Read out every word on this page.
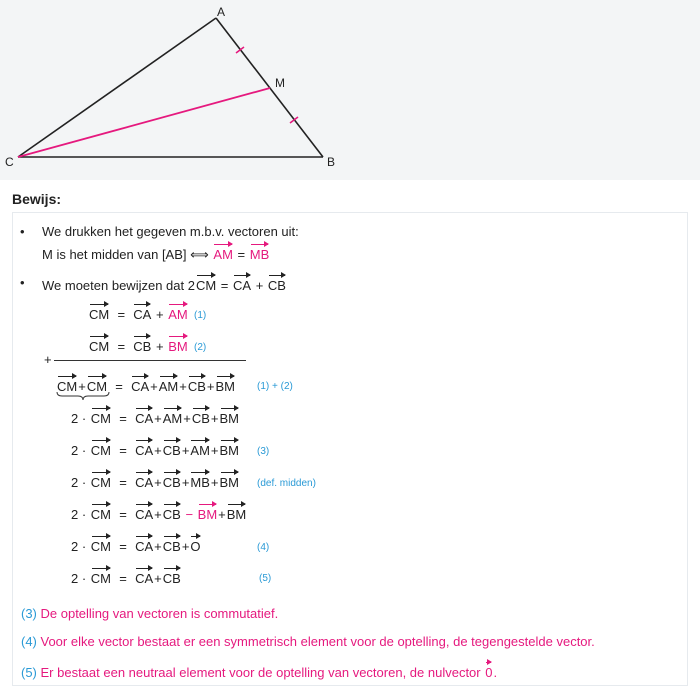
A
M
B
C
Bewijs:
• We drukken het gegeven m.b.v. vectoren uit:
M is het midden van [AB] ⟺ AM = MB
• We moeten bewijzen dat 2CM = CA + CB
CM  =  CA + AM (1)
CM  =  CB + BM (2)
+
CM+CM  =  CA+AM+CB+BM (1) + (2)
2 · CM  =  CA+AM+CB+BM
2 · CM  =  CA+CB+AM+BM (3)
2 · CM  =  CA+CB+MB+BM (def. midden)
2 · CM  =  CA+CB − BM+BM
2 · CM  =  CA+CB+O	(4)
2 · CM  =  CA+CB	(5)
(3) De optelling van vectoren is commutatief.
(4) Voor elke vector bestaat er een symmetrisch element voor de optelling, de tegengestelde vector.
(5) Er bestaat een neutraal element voor de optelling van vectoren, de nulvector 0.
